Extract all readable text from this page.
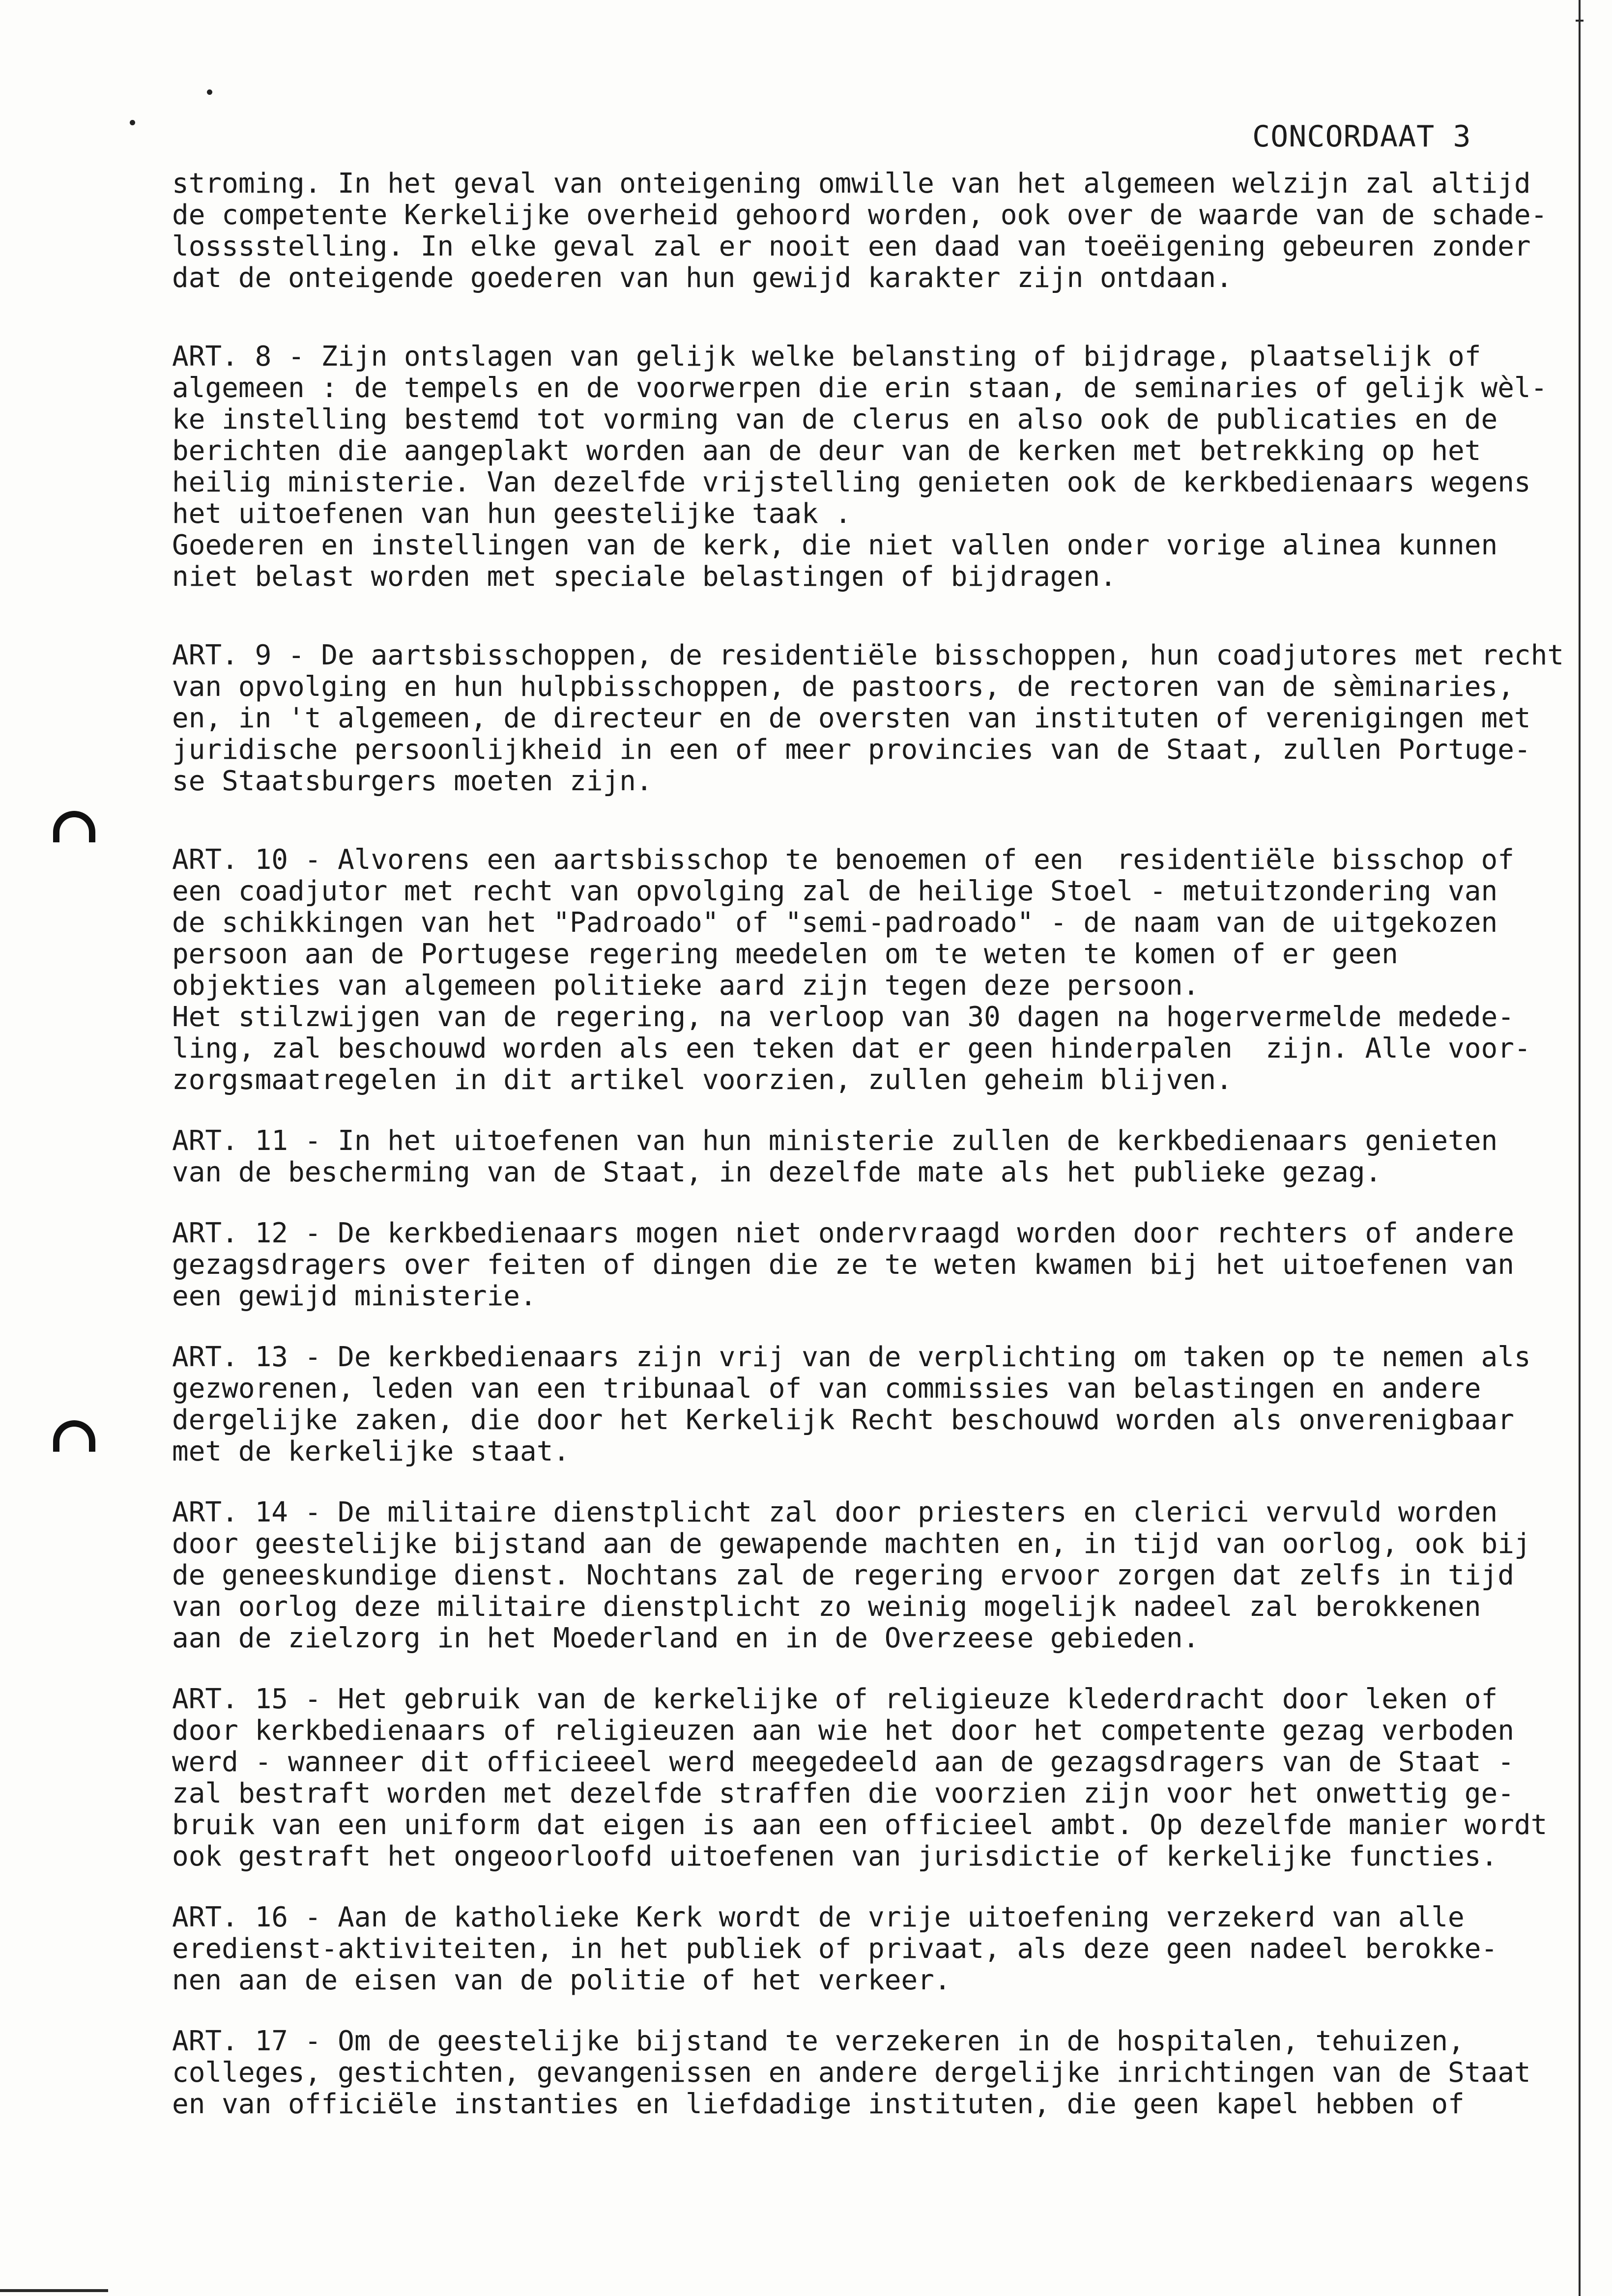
CONCORDAAT 3
stroming. In het geval van onteigening omwille van het algemeen welzijn zal altijd
de competente Kerkelijke overheid gehoord worden, ook over de waarde van de schade-
losssstelling. In elke geval zal er nooit een daad van toeëigening gebeuren zonder
dat de onteigende goederen van hun gewijd karakter zijn ontdaan.
ART. 8 - Zijn ontslagen van gelijk welke belansting of bijdrage, plaatselijk of
algemeen : de tempels en de voorwerpen die erin staan, de seminaries of gelijk wèl-
ke instelling bestemd tot vorming van de clerus en also ook de publicaties en de
berichten die aangeplakt worden aan de deur van de kerken met betrekking op het
heilig ministerie. Van dezelfde vrijstelling genieten ook de kerkbedienaars wegens
het uitoefenen van hun geestelijke taak .
Goederen en instellingen van de kerk, die niet vallen onder vorige alinea kunnen
niet belast worden met speciale belastingen of bijdragen.
ART. 9 - De aartsbisschoppen, de residentiële bisschoppen, hun coadjutores met recht
van opvolging en hun hulpbisschoppen, de pastoors, de rectoren van de sèminaries,
en, in 't algemeen, de directeur en de oversten van instituten of verenigingen met
juridische persoonlijkheid in een of meer provincies van de Staat, zullen Portuge-
se Staatsburgers moeten zijn.
ART. 10 - Alvorens een aartsbisschop te benoemen of een  residentiële bisschop of
een coadjutor met recht van opvolging zal de heilige Stoel - metuitzondering van
de schikkingen van het "Padroado" of "semi-padroado" - de naam van de uitgekozen
persoon aan de Portugese regering meedelen om te weten te komen of er geen
objekties van algemeen politieke aard zijn tegen deze persoon.
Het stilzwijgen van de regering, na verloop van 30 dagen na hogervermelde mededе-
ling, zal beschouwd worden als een teken dat er geen hinderpalen  zijn. Alle voor-
zorgsmaatregelen in dit artikel voorzien, zullen geheim blijven.
ART. 11 - In het uitoefenen van hun ministerie zullen de kerkbedienaars genieten
van de bescherming van de Staat, in dezelfde mate als het publieke gezag.
ART. 12 - De kerkbedienaars mogen niet ondervraagd worden door rechters of andere
gezagsdragers over feiten of dingen die ze te weten kwamen bij het uitoefenen van
een gewijd ministerie.
ART. 13 - De kerkbedienaars zijn vrij van de verplichting om taken op te nemen als
gezworenen, leden van een tribunaal of van commissies van belastingen en andere
dergelijke zaken, die door het Kerkelijk Recht beschouwd worden als onverenigbaar
met de kerkelijke staat.
ART. 14 - De militaire dienstplicht zal door priesters en clerici vervuld worden
door geestelijke bijstand aan de gewapende machten en, in tijd van oorlog, ook bij
de geneeskundige dienst. Nochtans zal de regering ervoor zorgen dat zelfs in tijd
van oorlog deze militaire dienstplicht zo weinig mogelijk nadeel zal berokkenen
aan de zielzorg in het Moederland en in de Overzeese gebieden.
ART. 15 - Het gebruik van de kerkelijke of religieuze klederdracht door leken of
door kerkbedienaars of religieuzen aan wie het door het competente gezag verboden
werd - wanneer dit officieeel werd meegedeeld aan de gezagsdragers van de Staat -
zal bestraft worden met dezelfde straffen die voorzien zijn voor het onwettig ge-
bruik van een uniform dat eigen is aan een officieel ambt. Op dezelfde manier wordt
ook gestraft het ongeoorloofd uitoefenen van jurisdictie of kerkelijke functies.
ART. 16 - Aan de katholieke Kerk wordt de vrije uitoefening verzekerd van alle
eredienst-aktiviteiten, in het publiek of privaat, als deze geen nadeel berokke-
nen aan de eisen van de politie of het verkeer.
ART. 17 - Om de geestelijke bijstand te verzekeren in de hospitalen, tehuizen,
colleges, gestichten, gevangenissen en andere dergelijke inrichtingen van de Staat
en van officiële instanties en liefdadige instituten, die geen kapel hebben of
